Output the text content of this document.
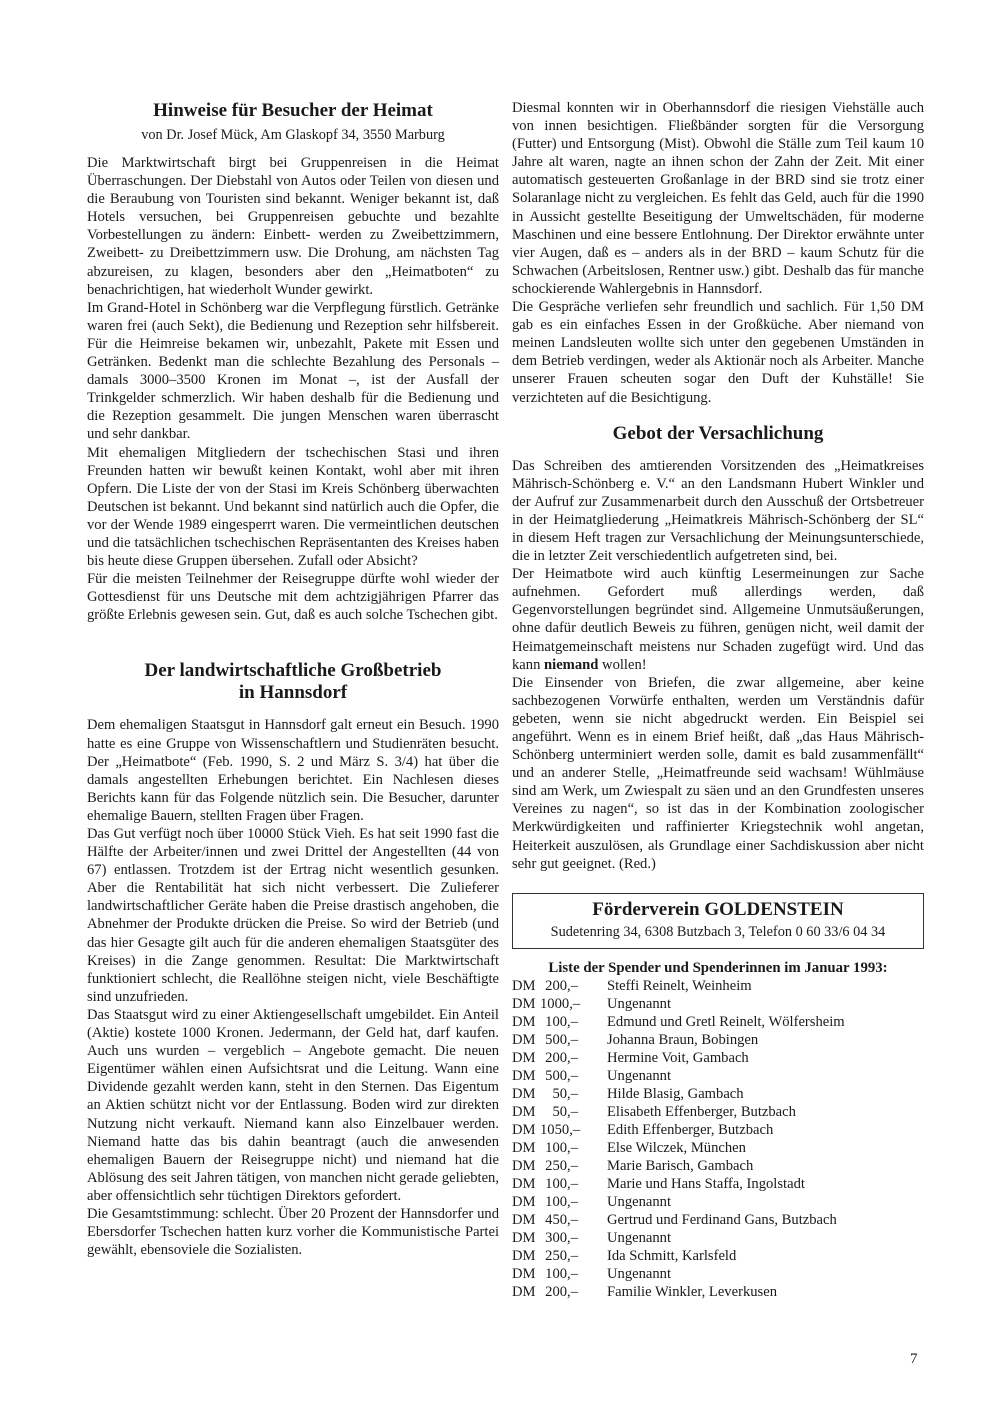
Hinweise für Besucher der Heimat
von Dr. Josef Mück, Am Glaskopf 34, 3550 Marburg

Die Marktwirtschaft birgt bei Gruppenreisen in die Heimat Überraschungen. Der Diebstahl von Autos oder Teilen von diesen und die Beraubung von Touristen sind bekannt. Weniger bekannt ist, daß Hotels versuchen, bei Gruppenreisen gebuchte und bezahlte Vorbestellungen zu ändern: Einbett- werden zu Zweibettzimmern, Zweibett- zu Dreibettzimmern usw. Die Drohung, am nächsten Tag abzureisen, zu klagen, besonders aber den „Heimatboten“ zu benachrichtigen, hat wiederholt Wunder gewirkt.

Im Grand-Hotel in Schönberg war die Verpflegung fürstlich. Getränke waren frei (auch Sekt), die Bedienung und Rezeption sehr hilfsbereit. Für die Heimreise bekamen wir, unbezahlt, Pakete mit Essen und Getränken. Bedenkt man die schlechte Bezahlung des Personals – damals 3000–3500 Kronen im Monat –, ist der Ausfall der Trinkgelder schmerzlich. Wir haben deshalb für die Bedienung und die Rezeption gesammelt. Die jungen Menschen waren überrascht und sehr dankbar.

Mit ehemaligen Mitgliedern der tschechischen Stasi und ihren Freunden hatten wir bewußt keinen Kontakt, wohl aber mit ihren Opfern. Die Liste der von der Stasi im Kreis Schönberg überwachten Deutschen ist bekannt. Und bekannt sind natürlich auch die Opfer, die vor der Wende 1989 eingesperrt waren. Die vermeintlichen deutschen und die tatsächlichen tschechischen Repräsentanten des Kreises haben bis heute diese Gruppen übersehen. Zufall oder Absicht?

Für die meisten Teilnehmer der Reisegruppe dürfte wohl wieder der Gottesdienst für uns Deutsche mit dem achtzigjährigen Pfarrer das größte Erlebnis gewesen sein. Gut, daß es auch solche Tschechen gibt.

Der landwirtschaftliche Großbetrieb
in Hannsdorf

Dem ehemaligen Staatsgut in Hannsdorf galt erneut ein Besuch. 1990 hatte es eine Gruppe von Wissenschaftlern und Studienräten besucht. Der „Heimatbote“ (Feb. 1990, S. 2 und März S. 3/4) hat über die damals angestellten Erhebungen berichtet. Ein Nachlesen dieses Berichts kann für das Folgende nützlich sein. Die Besucher, darunter ehemalige Bauern, stellten Fragen über Fragen.

Das Gut verfügt noch über 10000 Stück Vieh. Es hat seit 1990 fast die Hälfte der Arbeiter/innen und zwei Drittel der Angestellten (44 von 67) entlassen. Trotzdem ist der Ertrag nicht wesentlich gesunken. Aber die Rentabilität hat sich nicht verbessert. Die Zulieferer landwirtschaftlicher Geräte haben die Preise drastisch angehoben, die Abnehmer der Produkte drücken die Preise. So wird der Betrieb (und das hier Gesagte gilt auch für die anderen ehemaligen Staatsgüter des Kreises) in die Zange genommen. Resultat: Die Marktwirtschaft funktioniert schlecht, die Reallöhne steigen nicht, viele Beschäftigte sind unzufrieden.

Das Staatsgut wird zu einer Aktiengesellschaft umgebildet. Ein Anteil (Aktie) kostete 1000 Kronen. Jedermann, der Geld hat, darf kaufen. Auch uns wurden – vergeblich – Angebote gemacht. Die neuen Eigentümer wählen einen Aufsichtsrat und die Leitung. Wann eine Dividende gezahlt werden kann, steht in den Sternen. Das Eigentum an Aktien schützt nicht vor der Entlassung. Boden wird zur direkten Nutzung nicht verkauft. Niemand kann also Einzelbauer werden. Niemand hatte das bis dahin beantragt (auch die anwesenden ehemaligen Bauern der Reisegruppe nicht) und niemand hat die Ablösung des seit Jahren tätigen, von manchen nicht gerade geliebten, aber offensichtlich sehr tüchtigen Direktors gefordert.

Die Gesamtstimmung: schlecht. Über 20 Prozent der Hannsdorfer und Ebersdorfer Tschechen hatten kurz vorher die Kommunistische Partei gewählt, ebensoviele die Sozialisten.

Diesmal konnten wir in Oberhannsdorf die riesigen Viehställe auch von innen besichtigen. Fließbänder sorgten für die Versorgung (Futter) und Entsorgung (Mist). Obwohl die Ställe zum Teil kaum 10 Jahre alt waren, nagte an ihnen schon der Zahn der Zeit. Mit einer automatisch gesteuerten Großanlage in der BRD sind sie trotz einer Solaranlage nicht zu vergleichen. Es fehlt das Geld, auch für die 1990 in Aussicht gestellte Beseitigung der Umweltschäden, für moderne Maschinen und eine bessere Entlohnung. Der Direktor erwähnte unter vier Augen, daß es – anders als in der BRD – kaum Schutz für die Schwachen (Arbeitslosen, Rentner usw.) gibt. Deshalb das für manche schockierende Wahlergebnis in Hannsdorf.

Die Gespräche verliefen sehr freundlich und sachlich. Für 1,50 DM gab es ein einfaches Essen in der Großküche. Aber niemand von meinen Landsleuten wollte sich unter den gegebenen Umständen in dem Betrieb verdingen, weder als Aktionär noch als Arbeiter. Manche unserer Frauen scheuten sogar den Duft der Kuhställe! Sie verzichteten auf die Besichtigung.

Gebot der Versachlichung

Das Schreiben des amtierenden Vorsitzenden des „Heimatkreises Mährisch-Schönberg e. V.“ an den Landsmann Hubert Winkler und der Aufruf zur Zusammenarbeit durch den Ausschuß der Ortsbetreuer in der Heimatgliederung „Heimatkreis Mährisch-Schönberg der SL“ in diesem Heft tragen zur Versachlichung der Meinungsunterschiede, die in letzter Zeit verschiedentlich aufgetreten sind, bei.

Der Heimatbote wird auch künftig Lesermeinungen zur Sache aufnehmen. Gefordert muß allerdings werden, daß Gegenvorstellungen begründet sind. Allgemeine Unmutsäußerungen, ohne dafür deutlich Beweis zu führen, genügen nicht, weil damit der Heimatgemeinschaft meistens nur Schaden zugefügt wird. Und das kann niemand wollen!

Die Einsender von Briefen, die zwar allgemeine, aber keine sachbezogenen Vorwürfe enthalten, werden um Verständnis dafür gebeten, wenn sie nicht abgedruckt werden. Ein Beispiel sei angeführt. Wenn es in einem Brief heißt, daß „das Haus Mährisch-Schönberg unterminiert werden solle, damit es bald zusammenfällt“ und an anderer Stelle, „Heimatfreunde seid wachsam! Wühlmäuse sind am Werk, um Zwiespalt zu säen und an den Grundfesten unseres Vereines zu nagen“, so ist das in der Kombination zoologischer Merkwürdigkeiten und raffinierter Kriegstechnik wohl angetan, Heiterkeit auszulösen, als Grundlage einer Sachdiskussion aber nicht sehr gut geeignet. (Red.)

Förderverein GOLDENSTEIN
Sudetenring 34, 6308 Butzbach 3, Telefon 0 60 33/6 04 34
Liste der Spender und Spenderinnen im Januar 1993:
DM 200,– Steffi Reinelt, Weinheim
DM 1000,– Ungenannt
DM 100,– Edmund und Gretl Reinelt, Wölfersheim
DM 500,– Johanna Braun, Bobingen
DM 200,– Hermine Voit, Gambach
DM 500,– Ungenannt
DM	50,– Hilde Blasig, Gambach
DM	50,– Elisabeth Effenberger, Butzbach
DM 1050,– Edith Effenberger, Butzbach
DM 100,– Else Wilczek, München
DM 250,– Marie Barisch, Gambach
DM 100,– Marie und Hans Staffa, Ingolstadt
DM 100,– Ungenannt
DM 450,– Gertrud und Ferdinand Gans, Butzbach
DM 300,– Ungenannt
DM 250,– Ida Schmitt, Karlsfeld
DM 100,– Ungenannt
DM 200,– Familie Winkler, Leverkusen
7
